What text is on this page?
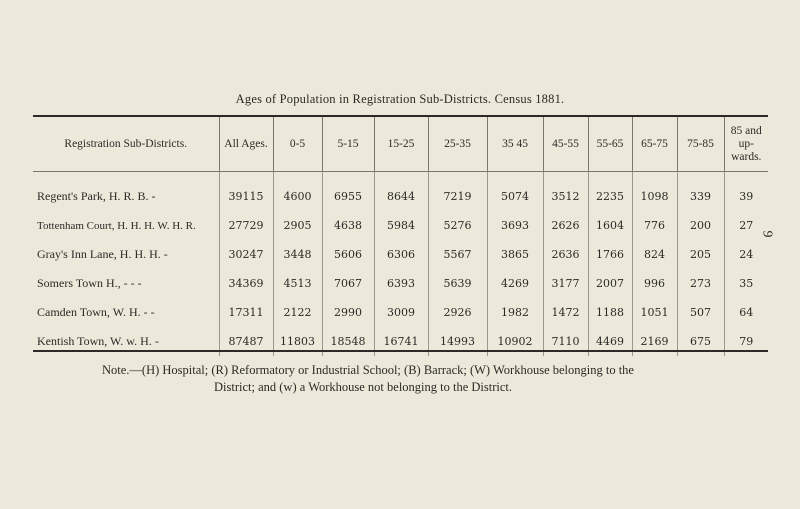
9
Ages of Population in Registration Sub-Districts. Census 1881.
Registration Sub-Districts.	All Ages.	0-5	5-15	15-25	25-35	35 45	45-55	55-65	65-75	75-85	85 and up-wards.
Regent's Park, H. R. B. -	39115	4600	6955	8644	7219	5074	3512	2235	1098	339	39
Tottenham Court, H. H. H. W. H. R.	27729	2905	4638	5984	5276	3693	2626	1604	776	200	27
Gray's Inn Lane, H. H. H. -	30247	3448	5606	6306	5567	3865	2636	1766	824	205	24
Somers Town H., - - -	34369	4513	7067	6393	5639	4269	3177	2007	996	273	35
Camden Town, W. H. - -	17311	2122	2990	3009	2926	1982	1472	1188	1051	507	64
Kentish Town, W. w. H. -	87487	11803	18548	16741	14993	10902	7110	4469	2169	675	79
Note.—(H) Hospital; (R) Reformatory or Industrial School; (B) Barrack; (W) Workhouse belonging to the
District; and (w) a Workhouse not belonging to the District.
